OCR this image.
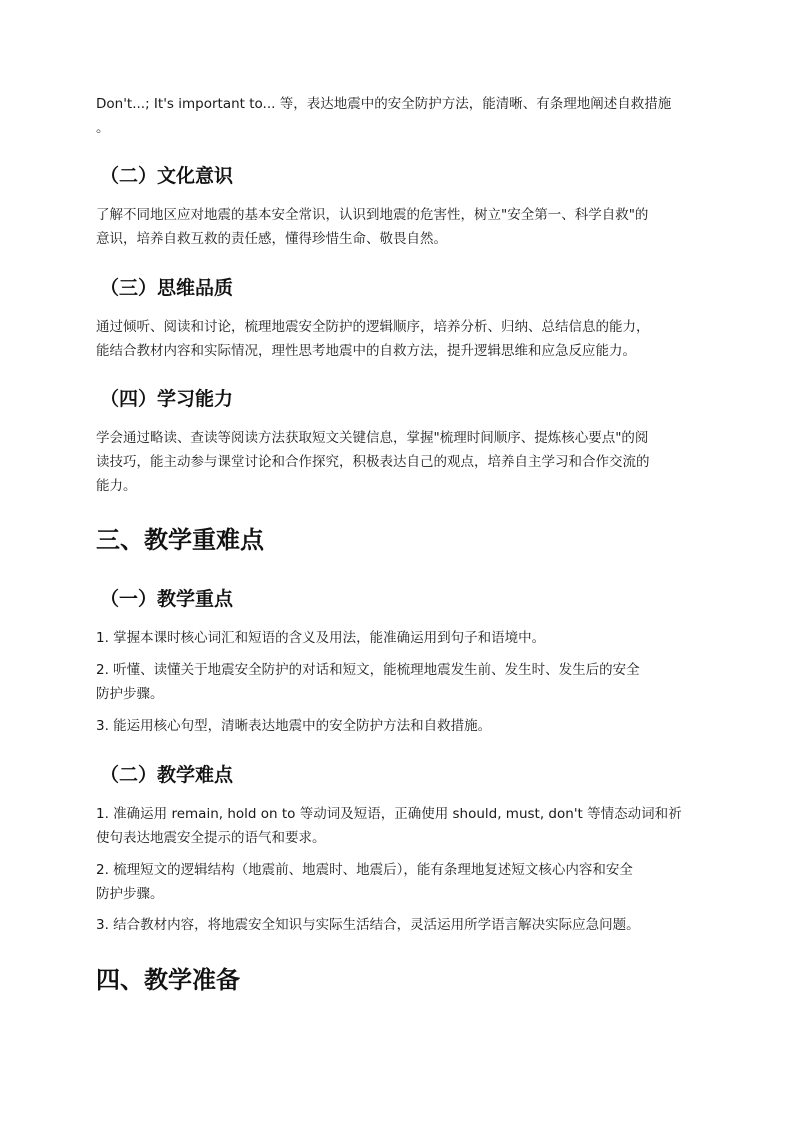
Don't...; It's important to... 等，表达地震中的安全防护方法，能清晰、有条理地阐述自救措施
。

（二）文化意识

了解不同地区应对地震的基本安全常识，认识到地震的危害性，树立"安全第一、科学自救"的
意识，培养自救互救的责任感，懂得珍惜生命、敬畏自然。

（三）思维品质

通过倾听、阅读和讨论，梳理地震安全防护的逻辑顺序，培养分析、归纳、总结信息的能力，
能结合教材内容和实际情况，理性思考地震中的自救方法，提升逻辑思维和应急反应能力。

（四）学习能力

学会通过略读、查读等阅读方法获取短文关键信息，掌握"梳理时间顺序、提炼核心要点"的阅
读技巧，能主动参与课堂讨论和合作探究，积极表达自己的观点，培养自主学习和合作交流的
能力。

三、教学重难点
（一）教学重点

1. 掌握本课时核心词汇和短语的含义及用法，能准确运用到句子和语境中。

2. 听懂、读懂关于地震安全防护的对话和短文，能梳理地震发生前、发生时、发生后的安全
防护步骤。

3. 能运用核心句型，清晰表达地震中的安全防护方法和自救措施。

（二）教学难点

1. 准确运用 remain, hold on to 等动词及短语，正确使用 should, must, don't 等情态动词和祈
使句表达地震安全提示的语气和要求。

2. 梳理短文的逻辑结构（地震前、地震时、地震后），能有条理地复述短文核心内容和安全
防护步骤。

3. 结合教材内容，将地震安全知识与实际生活结合，灵活运用所学语言解决实际应急问题。

四、教学准备
